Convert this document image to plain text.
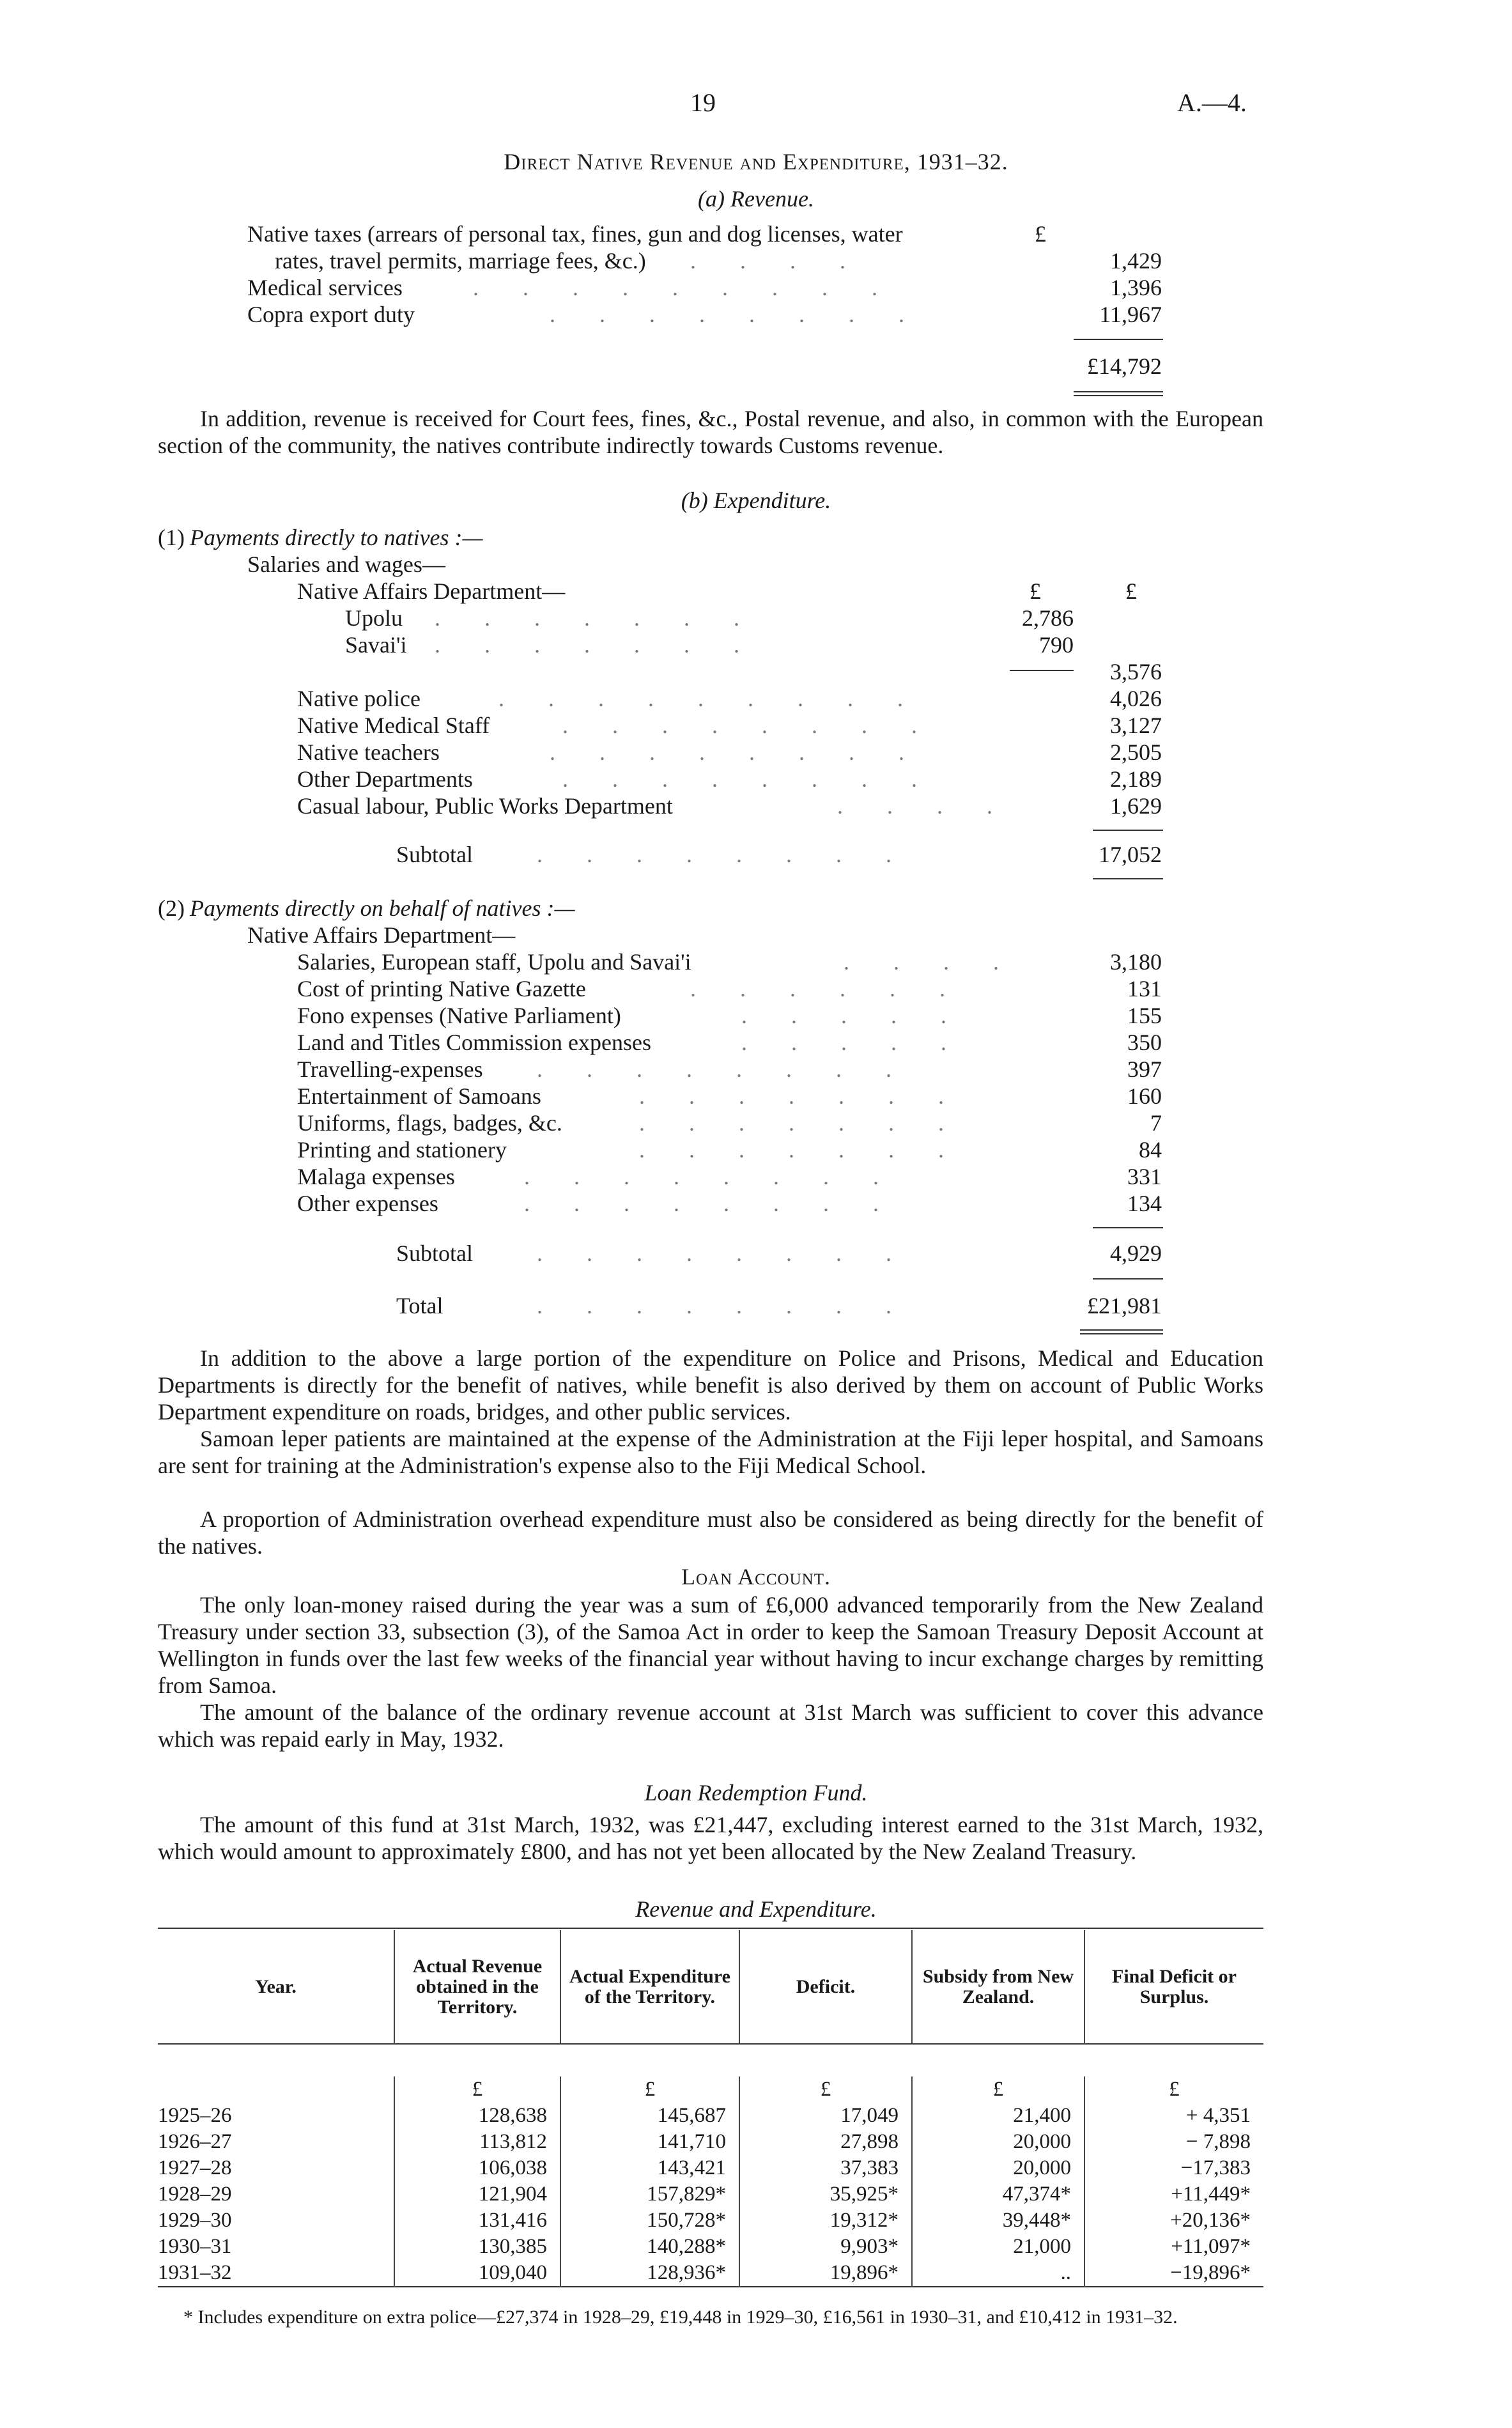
19	A.—4.
Direct Native Revenue and Expenditure, 1931–32.
(a) Revenue.
Native taxes (arrears of personal tax, fines, gun and dog licenses, water	£
rates, travel permits, marriage fees, &c.) . . . .	1,429
Medical services	. . . . . . . . .	1,396
Copra export duty	. . . . . . . .	11,967
£14,792
In addition, revenue is received for Court fees, fines, &c., Postal revenue, and also, in common with the European section of the community, the natives contribute indirectly towards Customs revenue.
(b) Expenditure.
(1) Payments directly to natives :—
Salaries and wages—
Native Affairs Department—	£	£
Upolu . . . . . . .	2,786
Savai'i . . . . . . .	790
3,576
Native police	. . . . . . . . .	4,026
Native Medical Staff	. . . . . . . .	3,127
Native teachers	. . . . . . . .	2,505
Other Departments	. . . . . . . .	2,189
Casual labour, Public Works Department	. . . .	1,629
Subtotal	. . . . . . . .	17,052
(2) Payments directly on behalf of natives :—
Native Affairs Department—
Salaries, European staff, Upolu and Savai'i	. . . .	3,180
Cost of printing Native Gazette	. . . . . .	131
Fono expenses (Native Parliament)	. . . . .	155
Land and Titles Commission expenses	. . . . .	350
Travelling-expenses . . . . . . . .	397
Entertainment of Samoans	. . . . . . .	160
Uniforms, flags, badges, &c.	. . . . . . .	7
Printing and stationery	. . . . . . .	84
Malaga expenses	. . . . . . . .	331
Other expenses	. . . . . . . .	134
Subtotal	. . . . . . . .	4,929
Total	. . . . . . . .	£21,981
In addition to the above a large portion of the expenditure on Police and Prisons, Medical and Education Departments is directly for the benefit of natives, while benefit is also derived by them on account of Public Works Department expenditure on roads, bridges, and other public services.
Samoan leper patients are maintained at the expense of the Administration at the Fiji leper hospital, and Samoans are sent for training at the Administration's expense also to the Fiji Medical School.
A proportion of Administration overhead expenditure must also be considered as being directly for the benefit of the natives.
Loan Account.
The only loan-money raised during the year was a sum of £6,000 advanced temporarily from the New Zealand Treasury under section 33, subsection (3), of the Samoa Act in order to keep the Samoan Treasury Deposit Account at Wellington in funds over the last few weeks of the financial year without having to incur exchange charges by remitting from Samoa.
The amount of the balance of the ordinary revenue account at 31st March was sufficient to cover this advance which was repaid early in May, 1932.
Loan Redemption Fund.
The amount of this fund at 31st March, 1932, was £21,447, excluding interest earned to the 31st March, 1932, which would amount to approximately £800, and has not yet been allocated by the New Zealand Treasury.
Revenue and Expenditure.
Year.	Actual Revenue obtained in the Territory.	Actual Expenditure of the Territory.	Deficit.	Subsidy from New Zealand.	Final Deficit or Surplus.

	£	£	£	£	£
1925–26	128,638	145,687	17,049	21,400	+ 4,351
1926–27	113,812	141,710	27,898	20,000	− 7,898
1927–28	106,038	143,421	37,383	20,000	−17,383
1928–29	121,904	157,829*	35,925*	47,374*	+11,449*
1929–30	131,416	150,728*	19,312*	39,448*	+20,136*
1930–31	130,385	140,288*	9,903*	21,000	+11,097*
1931–32	109,040	128,936*	19,896*	..	−19,896*

* Includes expenditure on extra police—£27,374 in 1928–29, £19,448 in 1929–30, £16,561 in 1930–31, and £10,412 in 1931–32.
